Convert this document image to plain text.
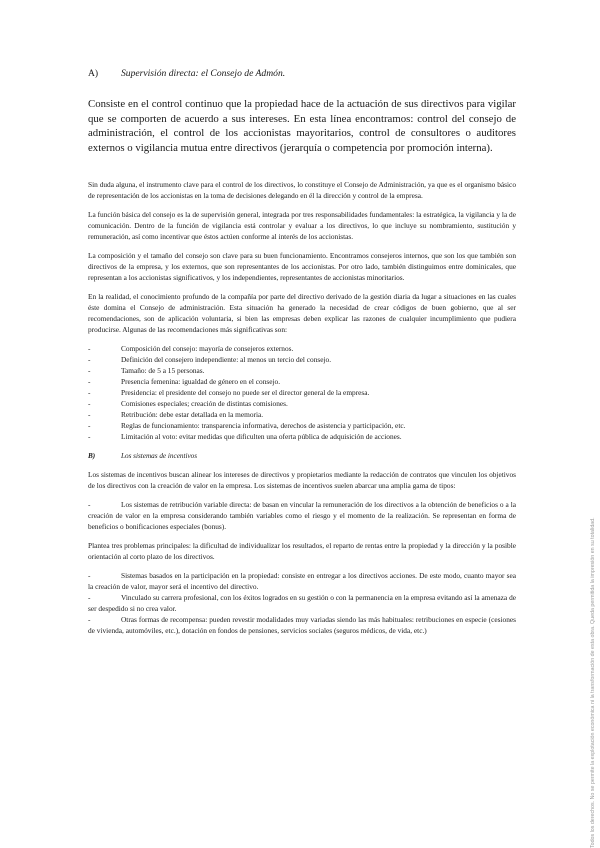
A)	Supervisión directa: el Consejo de Admón.

Consiste en el control continuo que la propiedad hace de la actuación de sus directivos para vigilar que se comporten de acuerdo a sus intereses. En esta línea encontramos: control del consejo de administración, el control de los accionistas mayoritarios, control de consultores o auditores externos o vigilancia mutua entre directivos (jerarquía o competencia por promoción interna).

Sin duda alguna, el instrumento clave para el control de los directivos, lo constituye el Consejo de Administración, ya que es el organismo básico de representación de los accionistas en la toma de decisiones delegando en él la dirección y control de la empresa.

La función básica del consejo es la de supervisión general, integrada por tres responsabilidades fundamentales: la estratégica, la vigilancia y la de comunicación. Dentro de la función de vigilancia está controlar y evaluar a los directivos, lo que incluye su nombramiento, sustitución y remuneración, así como incentivar que éstos actúen conforme al interés de los accionistas.

La composición y el tamaño del consejo son clave para su buen funcionamiento. Encontramos consejeros internos, que son los que también son directivos de la empresa, y los externos, que son representantes de los accionistas. Por otro lado, también distinguimos entre dominicales, que representan a los accionistas significativos, y los independientes, representantes de accionistas minoritarios.

En la realidad, el conocimiento profundo de la compañía por parte del directivo derivado de la gestión diaria da lugar a situaciones en las cuales éste domina el Consejo de administración. Esta situación ha generado la necesidad de crear códigos de buen gobierno, que al ser recomendaciones, son de aplicación voluntaria, si bien las empresas deben explicar las razones de cualquier incumplimiento que pudiera producirse. Algunas de las recomendaciones más significativas son:

-	Composición del consejo: mayoría de consejeros externos.
-	Definición del consejero independiente: al menos un tercio del consejo.
-	Tamaño: de 5 a 15 personas.
-	Presencia femenina: igualdad de género en el consejo.
-	Presidencia: el presidente del consejo no puede ser el director general de la empresa.
-	Comisiones especiales; creación de distintas comisiones.
-	Retribución: debe estar detallada en la memoria.
-	Reglas de funcionamiento: transparencia informativa, derechos de asistencia y participación, etc.
-	Limitación al voto: evitar medidas que dificulten una oferta pública de adquisición de acciones.
B)	Los sistemas de incentivos

Los sistemas de incentivos buscan alinear los intereses de directivos y propietarios mediante la redacción de contratos que vinculen los objetivos de los directivos con la creación de valor en la empresa. Los sistemas de incentivos suelen abarcar una amplia gama de tipos:

-	Los sistemas de retribución variable directa: de basan en vincular la remuneración de los directivos a la obtención de beneficios o a la creación de valor en la empresa considerando también variables como el riesgo y el momento de la realización. Se representan en forma de beneficios o bonificaciones especiales (bonus).

Plantea tres problemas principales: la dificultad de individualizar los resultados, el reparto de rentas entre la propiedad y la dirección y la posible orientación al corto plazo de los directivos.

-	Sistemas basados en la participación en la propiedad: consiste en entregar a los directivos acciones. De este modo, cuanto mayor sea la creación de valor, mayor será el incentivo del directivo.

-	Vinculado su carrera profesional, con los éxitos logrados en su gestión o con la permanencia en la empresa evitando así la amenaza de ser despedido si no crea valor.

-	Otras formas de recompensa: pueden revestir modalidades muy variadas siendo las más habituales: retribuciones en especie (cesiones de vivienda, automóviles, etc.), dotación en fondos de pensiones, servicios sociales (seguros médicos, de vida, etc.)	Todos los derechos. No se permite la explotación económica ni la transformación de esta obra. Queda permitida la impresión en su totalidad.
